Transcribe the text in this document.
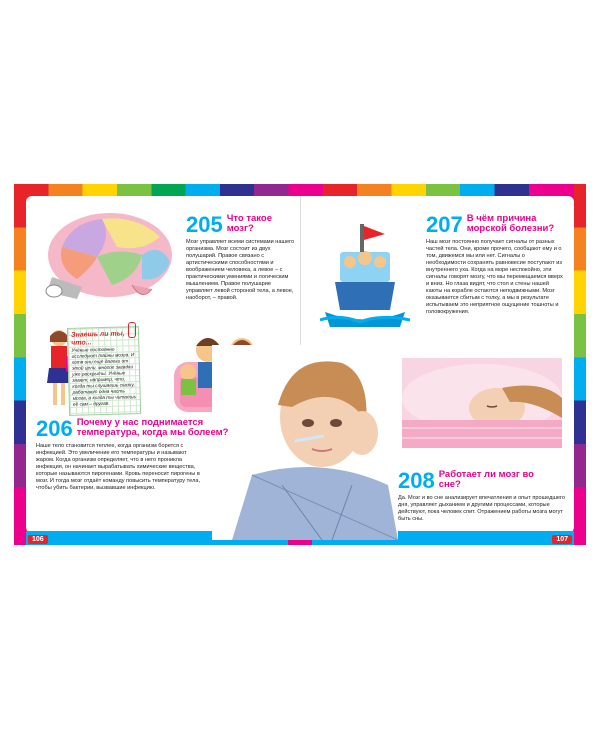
106	107
205 Что такое мозг?
Мозг управляет всеми системами нашего организма. Мозг состоит из двух полушарий. Правое связано с артистическими способностями и воображением человека, а левое – с практическими умениями и логическим мышлением. Правое полушарие управляет левой стороной тела, а левое, наоборот, – правой.
207 В чём причина морской болезни?
Наш мозг постоянно получает сигналы от разных частей тела. Они, кроме прочего, сообщают ему и о том, движемся мы или нет. Сигналы о необходимости сохранять равновесие поступают из внутреннего уха. Когда на море неспокойно, эти сигналы говорят мозгу, что мы перемещаемся вверх и вниз. Но глаза видят, что стол и стены нашей каюты на корабле остаются неподвижными. Мозг оказывается сбитым с толку, а мы в результате испытываем это неприятное ощущение тошноты и головокружения.
Знаешь ли ты, что...
Учёные постоянно исследуют тайны мозга. И хотя они ещё далеки от этой цели, многое загадки уже раскрыты. Учёные знают, например, что, когда ты слушаешь сказку, работают одна часть мозга, а когда ты читаешь её сам – другая.
206 Почему у нас поднимается температура, когда мы болеем?
Наше тело становится теплее, когда организм борется с инфекцией. Это увеличение его температуры и называют жаром. Когда организм определяет, что в него проникла инфекция, он начинает вырабатывать химические вещества, которые называются пирогенами. Кровь переносит пирогены в мозг. И тогда мозг отдаёт команду повысить температуру тела, чтобы убить бактерии, вызвавшие инфекцию.	208 Работает ли мозг во сне?
Да. Мозг и во сне анализирует впечатления и опыт прошедшего дня, управляет дыханием и другими процессами, которые действуют, пока человек спит. Отражением работы мозга могут быть сны.
